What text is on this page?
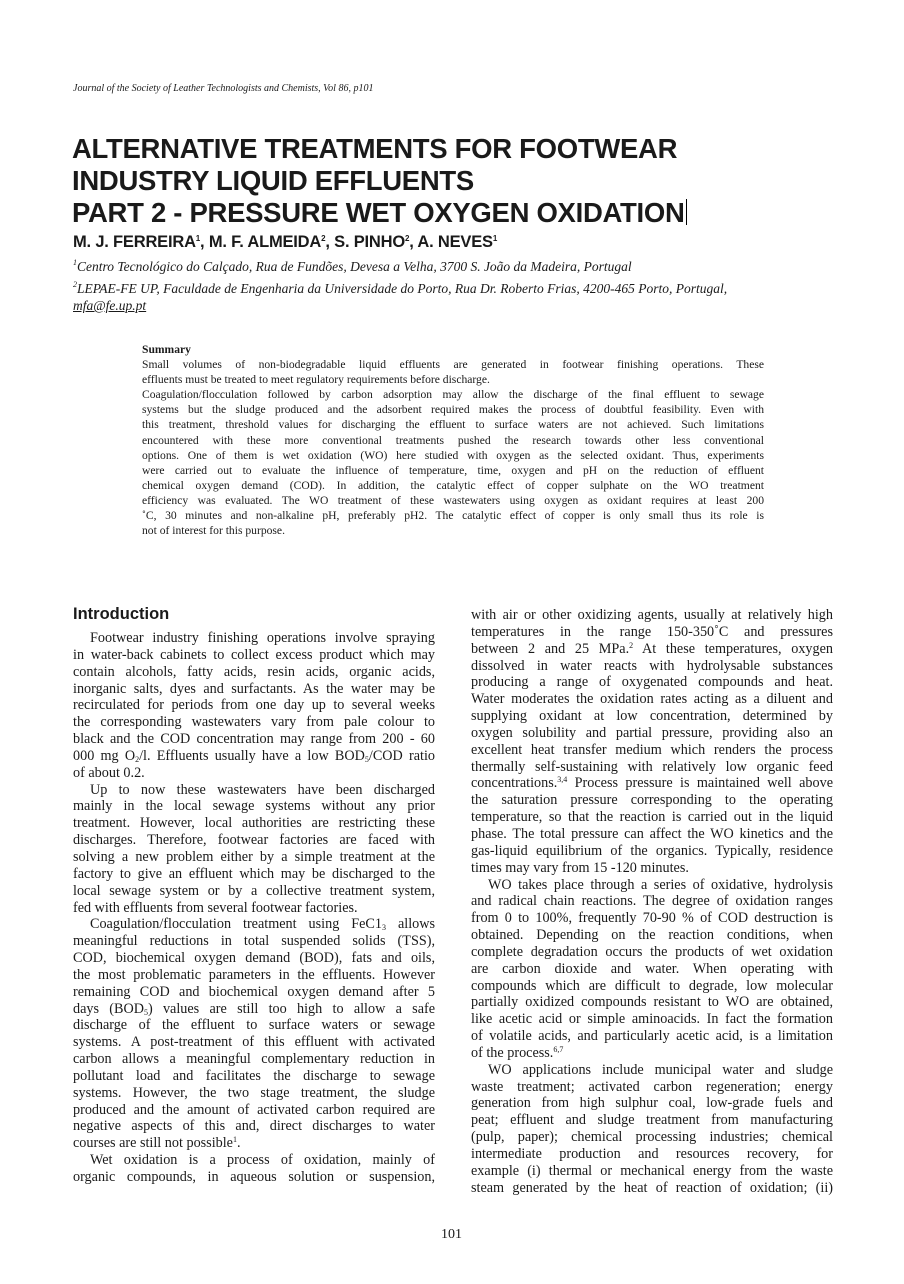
Journal of the Society of Leather Technologists and Chemists, Vol 86, p101
ALTERNATIVE TREATMENTS FOR FOOTWEAR
INDUSTRY LIQUID EFFLUENTS
PART 2 - PRESSURE WET OXYGEN OXIDATION
M. J. FERREIRA$^1$, M. F. ALMEIDA$^2$, S. PINHO$^2$, A. NEVES$^1$
$^1$Centro Tecnológico do Calçado, Rua de Fundões, Devesa a Velha, 3700 S. João da Madeira, Portugal
$^2$LEPAE-FE UP, Faculdade de Engenharia da Universidade do Porto, Rua Dr. Roberto Frias, 4200-465 Porto, Portugal,
mfa@fe.up.pt
Summary
Small volumes of non-biodegradable liquid effluents are generated in footwear finishing operations. These
effluents must be treated to meet regulatory requirements before discharge.
Coagulation/flocculation followed by carbon adsorption may allow the discharge of the final effluent to sewage
systems but the sludge produced and the adsorbent required makes the process of doubtful feasibility. Even with
this treatment, threshold values for discharging the effluent to surface waters are not achieved. Such limitations
encountered with these more conventional treatments pushed the research towards other less conventional
options. One of them is wet oxidation (WO) here studied with oxygen as the selected oxidant. Thus, experiments
were carried out to evaluate the influence of temperature, time, oxygen and pH on the reduction of effluent
chemical oxygen demand (COD). In addition, the catalytic effect of copper sulphate on the WO treatment
efficiency was evaluated. The WO treatment of these wastewaters using oxygen as oxidant requires at least 200
˚C, 30 minutes and non-alkaline pH, preferably pH2. The catalytic effect of copper is only small thus its role is
not of interest for this purpose.
Introduction
Footwear industry finishing operations involve spraying
in water-back cabinets to collect excess product which may
contain alcohols, fatty acids, resin acids, organic acids,
inorganic salts, dyes and surfactants. As the water may be
recirculated for periods from one day up to several weeks
the corresponding wastewaters vary from pale colour to
black and the COD concentration may range from 200 - 60
000 mg $O_2/l$. Effluents usually have a low $BOD_5$/COD ratio
of about 0.2.
Up to now these wastewaters have been discharged
mainly in the local sewage systems without any prior
treatment. However, local authorities are restricting these
discharges. Therefore, footwear factories are faced with
solving a new problem either by a simple treatment at the
factory to give an effluent which may be discharged to the
local sewage system or by a collective treatment system,
fed with effluents from several footwear factories.
Coagulation/flocculation treatment using $FeC1_3$ allows
meaningful reductions in total suspended solids (TSS),
COD, biochemical oxygen demand (BOD), fats and oils,
the most problematic parameters in the effluents. However
remaining COD and biochemical oxygen demand after 5
days $(BOD_5)$ values are still too high to allow a safe
discharge of the effluent to surface waters or sewage
systems. A post-treatment of this effluent with activated
carbon allows a meaningful complementary reduction in
pollutant load and facilitates the discharge to sewage
systems. However, the two stage treatment, the sludge
produced and the amount of activated carbon required are
negative aspects of this and, direct discharges to water
courses are still not possible$^1$.
Wet oxidation is a process of oxidation, mainly of
organic compounds, in aqueous solution or suspension,
with air or other oxidizing agents, usually at relatively high
temperatures in the range 150-350˚C and pressures
between 2 and 25 MPa.$^2$ At these temperatures, oxygen
dissolved in water reacts with hydrolysable substances
producing a range of oxygenated compounds and heat.
Water moderates the oxidation rates acting as a diluent and
supplying oxidant at low concentration, determined by
oxygen solubility and partial pressure, providing also an
excellent heat transfer medium which renders the process
thermally self-sustaining with relatively low organic feed
concentrations.$^{3,4}$ Process pressure is maintained well above
the saturation pressure corresponding to the operating
temperature, so that the reaction is carried out in the liquid
phase. The total pressure can affect the WO kinetics and the
gas-liquid equilibrium of the organics. Typically, residence
times may vary from 15 -120 minutes.
WO takes place through a series of oxidative, hydrolysis
and radical chain reactions. The degree of oxidation ranges
from 0 to 100%, frequently 70-90 % of COD destruction is
obtained. Depending on the reaction conditions, when
complete degradation occurs the products of wet oxidation
are carbon dioxide and water. When operating with
compounds which are difficult to degrade, low molecular
partially oxidized compounds resistant to WO are obtained,
like acetic acid or simple aminoacids. In fact the formation
of volatile acids, and particularly acetic acid, is a limitation
of the process.$^{6,7}$
WO applications include municipal water and sludge
waste treatment; activated carbon regeneration; energy
generation from high sulphur coal, low-grade fuels and
peat; effluent and sludge treatment from manufacturing
(pulp, paper); chemical processing industries; chemical
intermediate production and resources recovery, for
example (i) thermal or mechanical energy from the waste
steam generated by the heat of reaction of oxidation; (ii)
101
